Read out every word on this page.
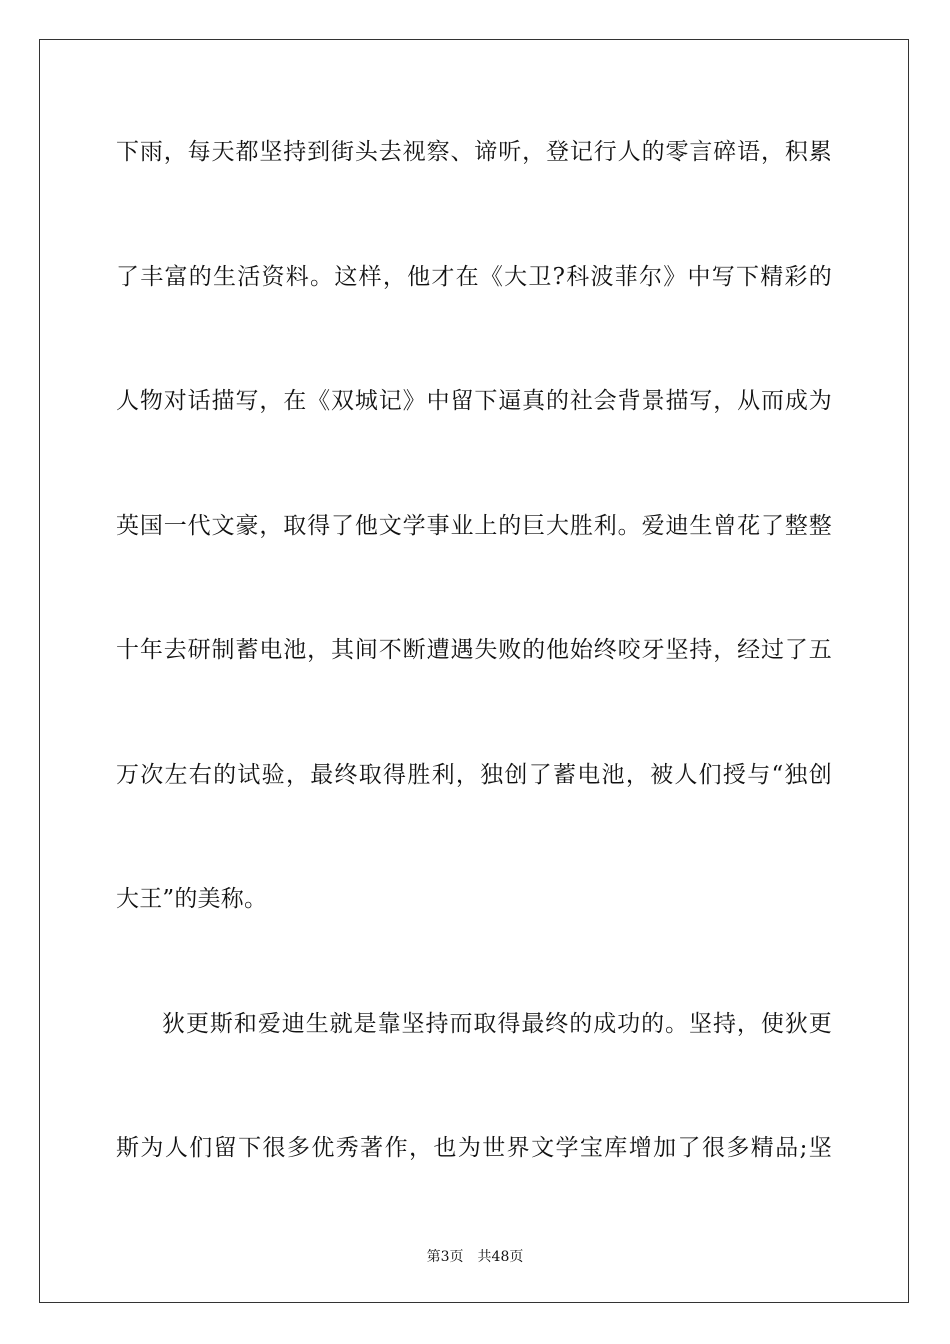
下雨，每天都坚持到街头去视察、谛听，登记行人的零言碎语，积累
了丰富的生活资料。这样，他才在《大卫?科波菲尔》中写下精彩的
人物对话描写，在《双城记》中留下逼真的社会背景描写，从而成为
英国一代文豪，取得了他文学事业上的巨大胜利。爱迪生曾花了整整
十年去研制蓄电池，其间不断遭遇失败的他始终咬牙坚持，经过了五
万次左右的试验，最终取得胜利，独创了蓄电池，被人们授与“独创
大王”的美称。
狄更斯和爱迪生就是靠坚持而取得最终的成功的。坚持，使狄更
斯为人们留下很多优秀著作，也为世界文学宝库增加了很多精品;坚
第3页 共48页
